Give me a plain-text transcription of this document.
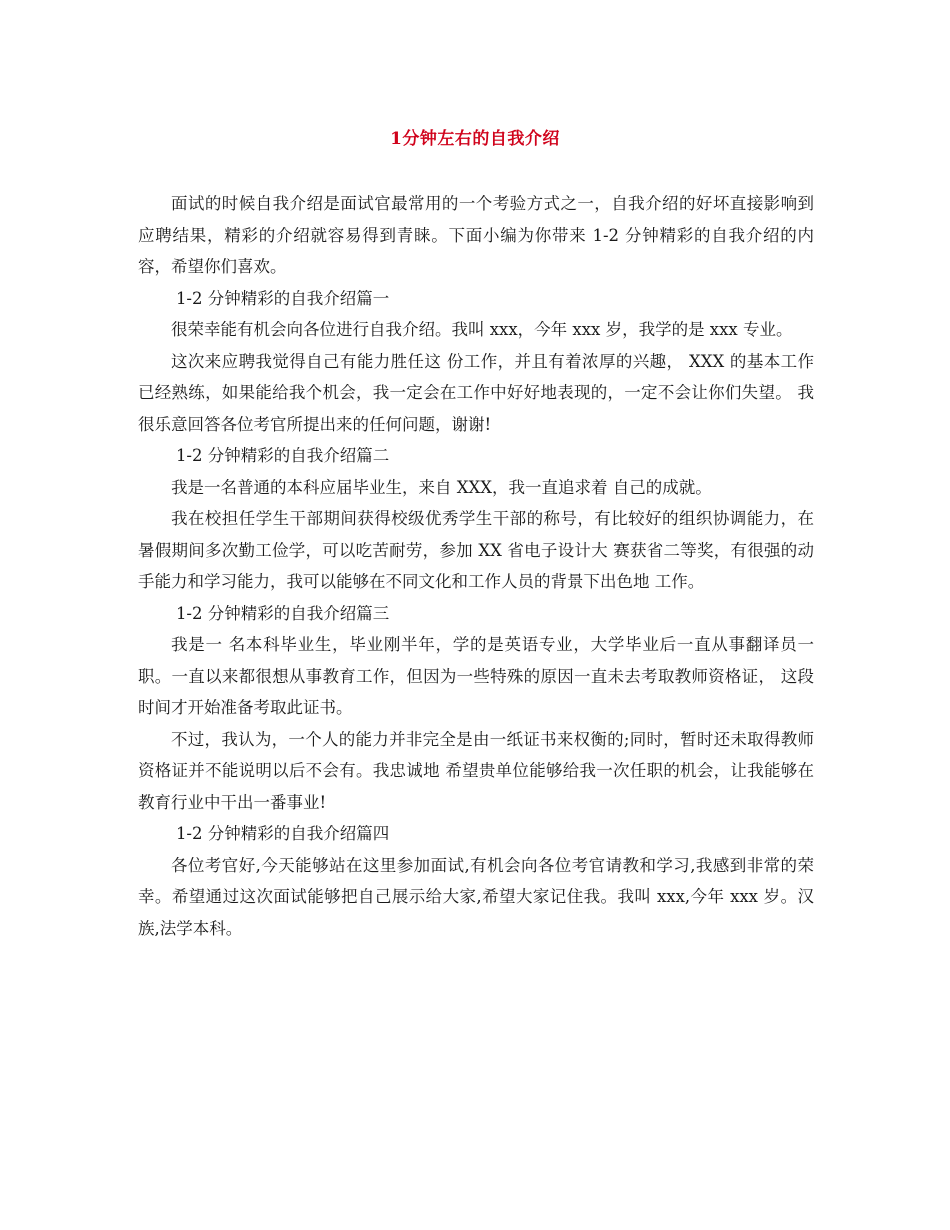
1分钟左右的自我介绍

面试的时候自我介绍是面试官最常用的一个考验方式之一，自我介绍的好坏直接影响到应聘结果，精彩的介绍就容易得到青睐。下面小编为你带来 1-2 分钟精彩的自我介绍的内容，希望你们喜欢。

1-2 分钟精彩的自我介绍篇一

很荣幸能有机会向各位进行自我介绍。我叫 xxx，今年 xxx 岁，我学的是 xxx 专业。

这次来应聘我觉得自己有能力胜任这 份工作，并且有着浓厚的兴趣， XXX 的基本工作已经熟练，如果能给我个机会，我一定会在工作中好好地表现的，一定不会让你们失望。 我很乐意回答各位考官所提出来的任何问题，谢谢!

1-2 分钟精彩的自我介绍篇二

我是一名普通的本科应届毕业生，来自 XXX，我一直追求着 自己的成就。

我在校担任学生干部期间获得校级优秀学生干部的称号，有比较好的组织协调能力，在暑假期间多次勤工俭学，可以吃苦耐劳，参加 XX 省电子设计大 赛获省二等奖，有很强的动手能力和学习能力，我可以能够在不同文化和工作人员的背景下出色地 工作。

1-2 分钟精彩的自我介绍篇三

我是一 名本科毕业生，毕业刚半年，学的是英语专业，大学毕业后一直从事翻译员一职。一直以来都很想从事教育工作，但因为一些特殊的原因一直未去考取教师资格证， 这段时间才开始准备考取此证书。

不过，我认为，一个人的能力并非完全是由一纸证书来权衡的;同时，暂时还未取得教师资格证并不能说明以后不会有。我忠诚地 希望贵单位能够给我一次任职的机会，让我能够在教育行业中干出一番事业!

1-2 分钟精彩的自我介绍篇四

各位考官好,今天能够站在这里参加面试,有机会向各位考官请教和学习,我感到非常的荣幸。希望通过这次面试能够把自己展示给大家,希望大家记住我。我叫 xxx,今年 xxx 岁。汉族,法学本科。
